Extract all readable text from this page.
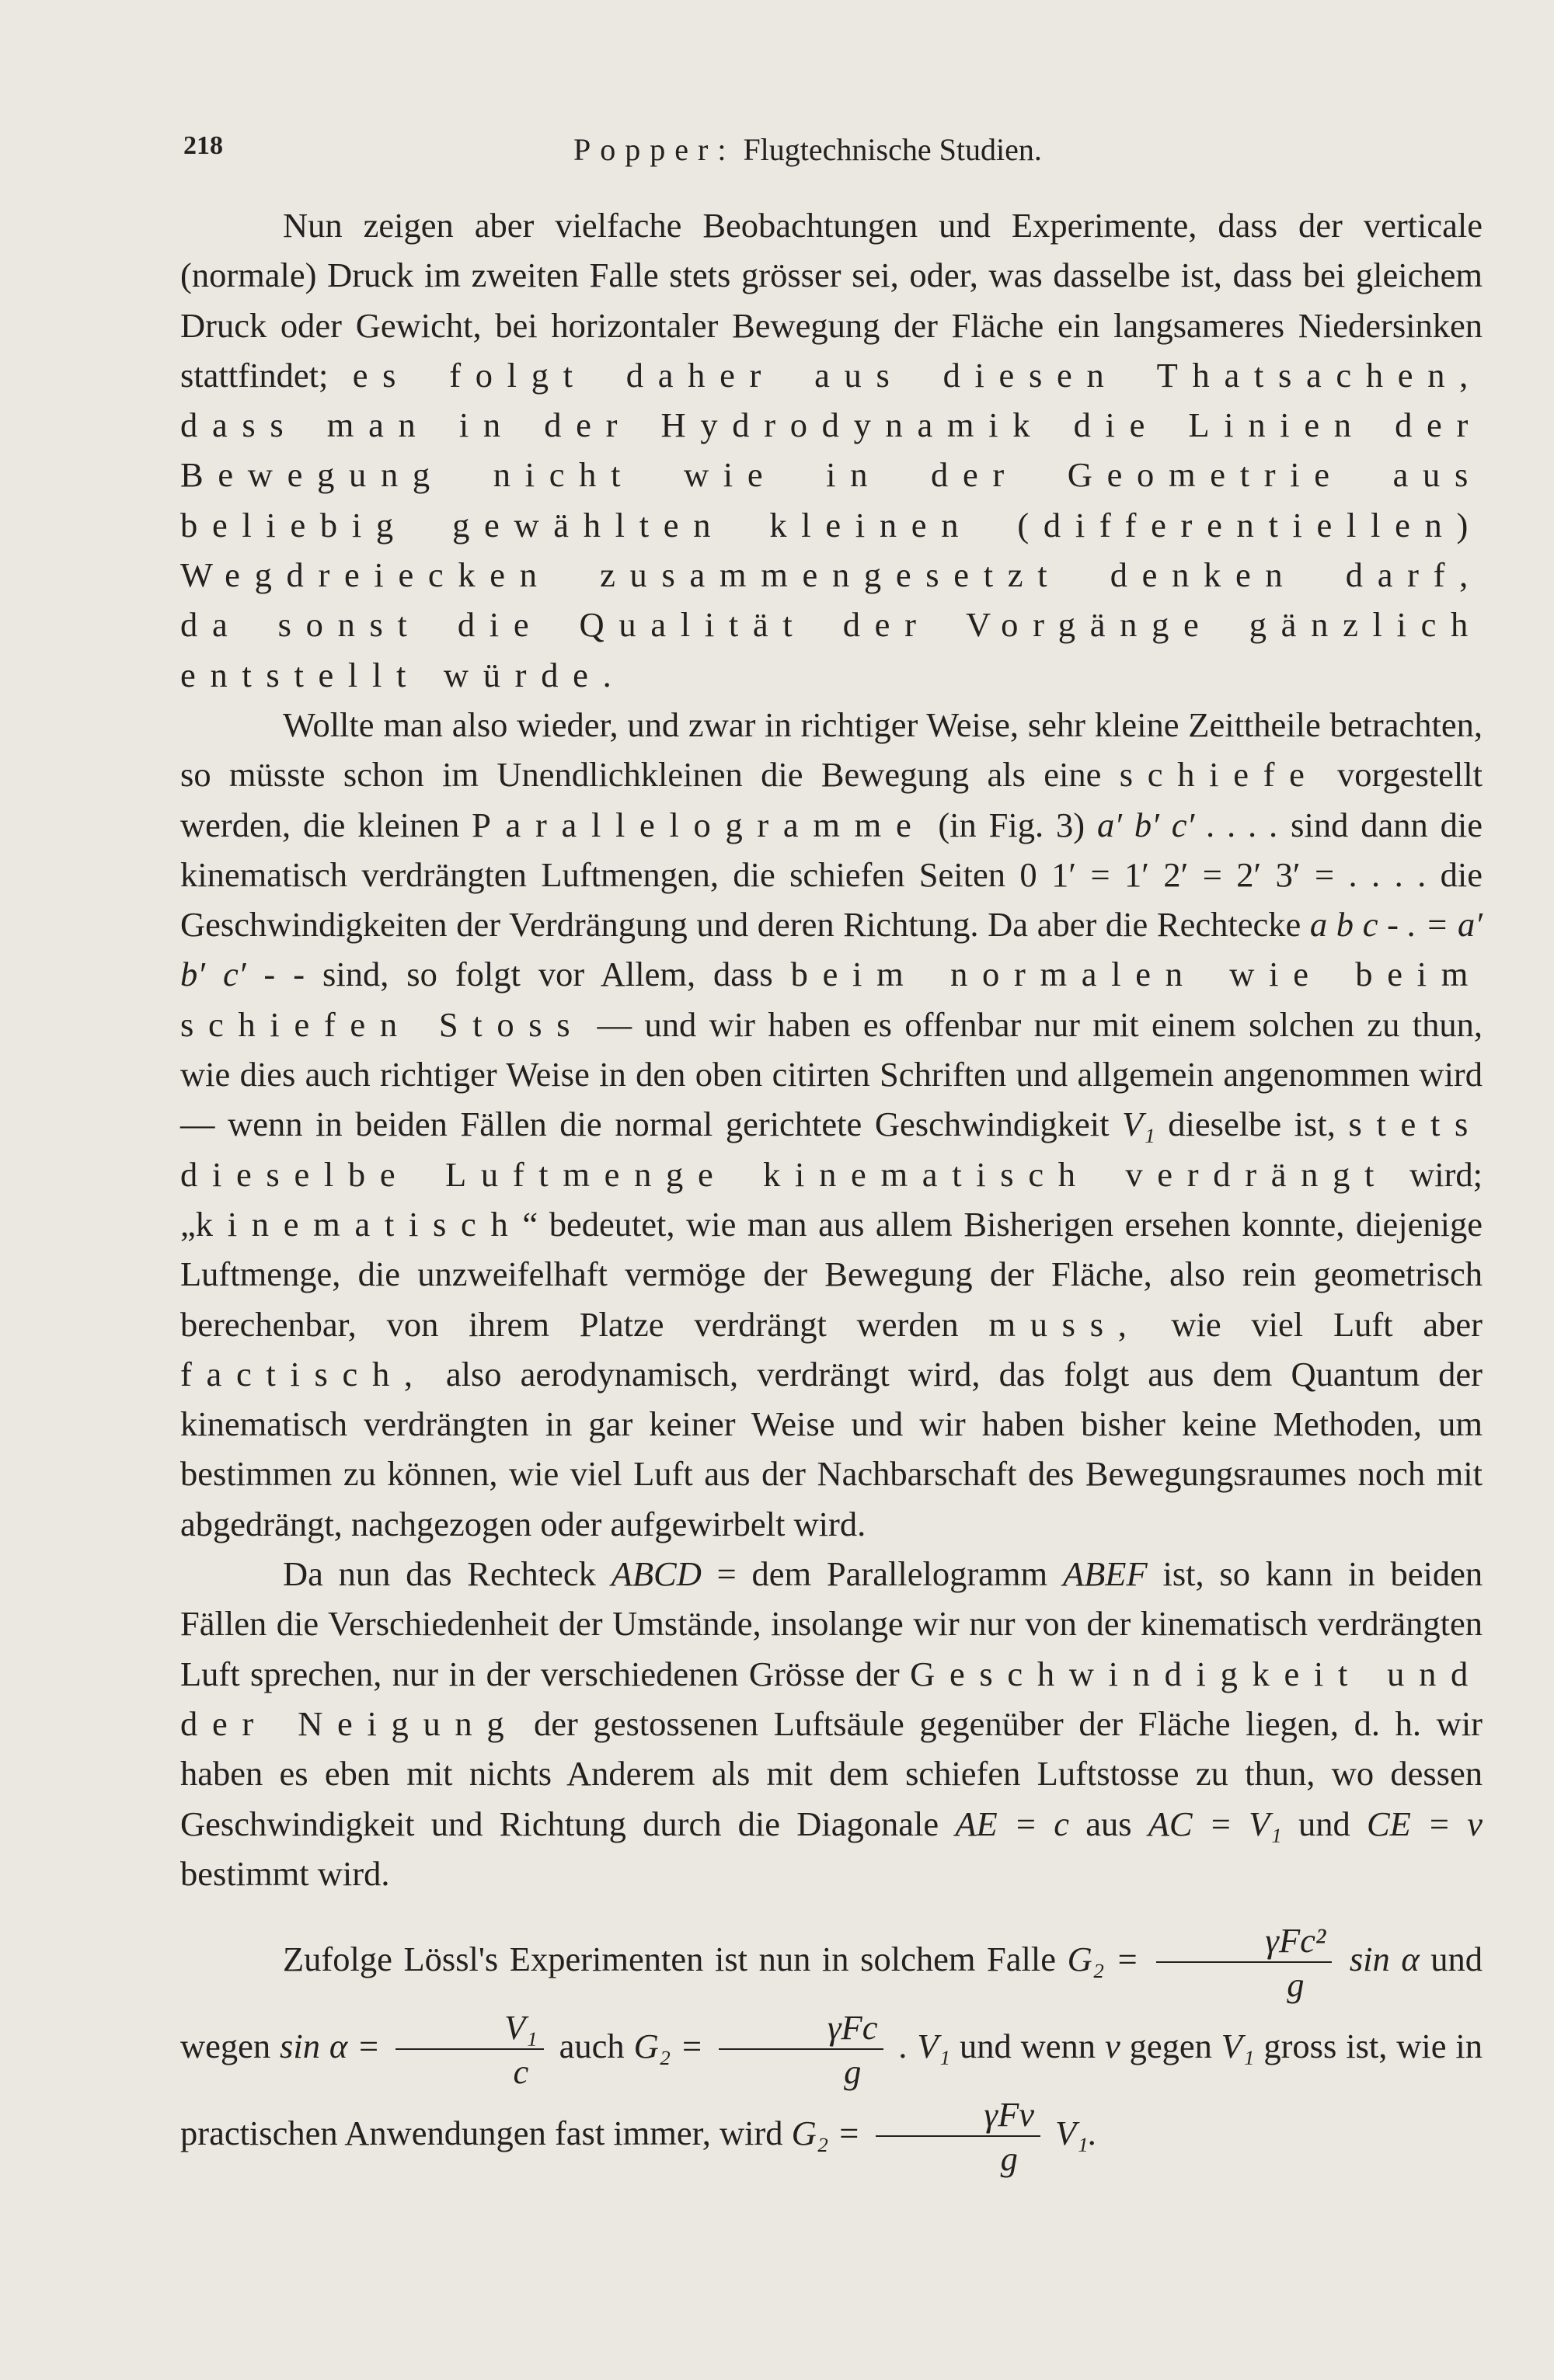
218	Popper: Flugtechnische Studien.

Nun zeigen aber vielfache Beobachtungen und Experimente, dass der verticale (normale) Druck im zweiten Falle stets grösser sei, oder, was dasselbe ist, dass bei gleichem Druck oder Gewicht, bei horizontaler Bewegung der Fläche ein langsameres Niedersinken stattfindet; es folgt daher aus diesen Thatsachen, dass man in der Hydrodynamik die Linien der Bewegung nicht wie in der Geometrie aus beliebig gewählten kleinen (differentiellen) Wegdreiecken zusammengesetzt denken darf, da sonst die Qualität der Vorgänge gänzlich entstellt würde.

Wollte man also wieder, und zwar in richtiger Weise, sehr kleine Zeittheile betrachten, so müsste schon im Unendlichkleinen die Bewegung als eine schiefe vorgestellt werden, die kleinen Parallelogramme (in Fig. 3) a′ b′ c′ . . . . sind dann die kinematisch verdrängten Luftmengen, die schiefen Seiten 0 1′ = 1′ 2′ = 2′ 3′ = . . . . die Geschwindigkeiten der Verdrängung und deren Richtung. Da aber die Rechtecke a b c - . = a′ b′ c′ - - sind, so folgt vor Allem, dass beim normalen wie beim schiefen Stoss — und wir haben es offenbar nur mit einem solchen zu thun, wie dies auch richtiger Weise in den oben citirten Schriften und allgemein angenommen wird — wenn in beiden Fällen die normal gerichtete Geschwindigkeit V₁ dieselbe ist, stets dieselbe Luftmenge kinematisch verdrängt wird; „kinematisch“ bedeutet, wie man aus allem Bisherigen ersehen konnte, diejenige Luftmenge, die unzweifelhaft vermöge der Bewegung der Fläche, also rein geometrisch berechenbar, von ihrem Platze verdrängt werden muss, wie viel Luft aber factisch, also aerodynamisch, verdrängt wird, das folgt aus dem Quantum der kinematisch verdrängten in gar keiner Weise und wir haben bisher keine Methoden, um bestimmen zu können, wie viel Luft aus der Nachbarschaft des Bewegungsraumes noch mit abgedrängt, nachgezogen oder aufgewirbelt wird.

Da nun das Rechteck ABCD = dem Parallelogramm ABEF ist, so kann in beiden Fällen die Verschiedenheit der Umstände, insolange wir nur von der kinematisch verdrängten Luft sprechen, nur in der verschiedenen Grösse der Geschwindigkeit und der Neigung der gestossenen Luftsäule gegenüber der Fläche liegen, d. h. wir haben es eben mit nichts Anderem als mit dem schiefen Luftstosse zu thun, wo dessen Geschwindigkeit und Richtung durch die Diagonale AE = c aus AC = V₁ und CE = v bestimmt wird.

Zufolge Lössl's Experimenten ist nun in solchem Falle $G_2 = \frac{\text{γFc²}}{g}$ sin α und wegen $\sin \alpha = \frac{\text{V₁}}{c}$ auch $G_2 = \frac{\text{γFc}}{g}$ . V₁ und wenn v gegen V₁ gross ist, wie in practischen Anwendungen fast immer, wird $G_2 = \frac{\text{γFv}}{g} V_1$.
